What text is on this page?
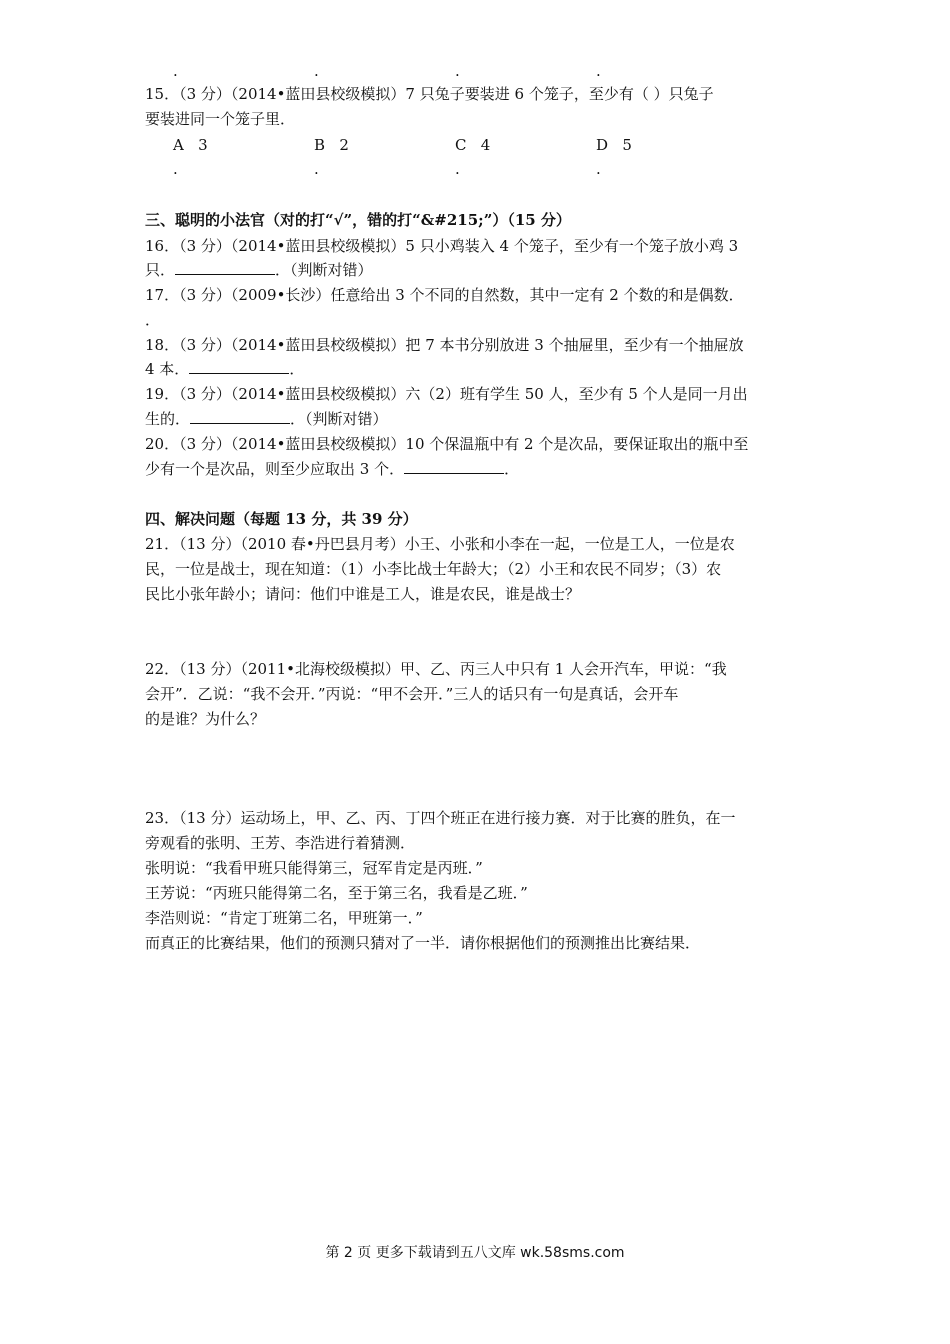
.	.	.	.
15．（3 分）（2014•蓝田县校级模拟）7 只兔子要装进 6 个笼子，至少有（ ）只兔子
要装进同一个笼子里．
A 3	B 2	C 4	D 5
.	.	.	.
三、聪明的小法官（对的打“√”，错的打“&#215;”）（15 分）
16．（3 分）（2014•蓝田县校级模拟）5 只小鸡装入 4 个笼子，至少有一个笼子放小鸡 3
只．	．（判断对错）
17．（3 分）（2009•长沙）任意给出 3 个不同的自然数，其中一定有 2 个数的和是偶数．
．
18．（3 分）（2014•蓝田县校级模拟）把 7 本书分别放进 3 个抽屉里，至少有一个抽屉放
4 本．	．
19．（3 分）（2014•蓝田县校级模拟）六（2）班有学生 50 人，至少有 5 个人是同一月出
生的．	．（判断对错）
20．（3 分）（2014•蓝田县校级模拟）10 个保温瓶中有 2 个是次品，要保证取出的瓶中至
少有一个是次品，则至少应取出 3 个．	．
四、解决问题（每题 13 分，共 39 分）
21．（13 分）（2010 春•丹巴县月考）小王、小张和小李在一起，一位是工人，一位是农
民，一位是战士，现在知道：（1）小李比战士年龄大；（2）小王和农民不同岁；（3）农
民比小张年龄小；请问：他们中谁是工人，谁是农民，谁是战士？
22．（13 分）（2011•北海校级模拟）甲、乙、丙三人中只有 1 人会开汽车，甲说：“我
会开”．乙说：“我不会开．”丙说：“甲不会开．”三人的话只有一句是真话，会开车
的是谁？为什么？
23．（13 分）运动场上，甲、乙、丙、丁四个班正在进行接力赛．对于比赛的胜负，在一
旁观看的张明、王芳、李浩进行着猜测．
张明说：“我看甲班只能得第三，冠军肯定是丙班．”
王芳说：“丙班只能得第二名，至于第三名，我看是乙班．”
李浩则说：“肯定丁班第二名，甲班第一．”
而真正的比赛结果，他们的预测只猜对了一半．请你根据他们的预测推出比赛结果．
第 2 页 更多下载请到五八文库 wk.58sms.com
